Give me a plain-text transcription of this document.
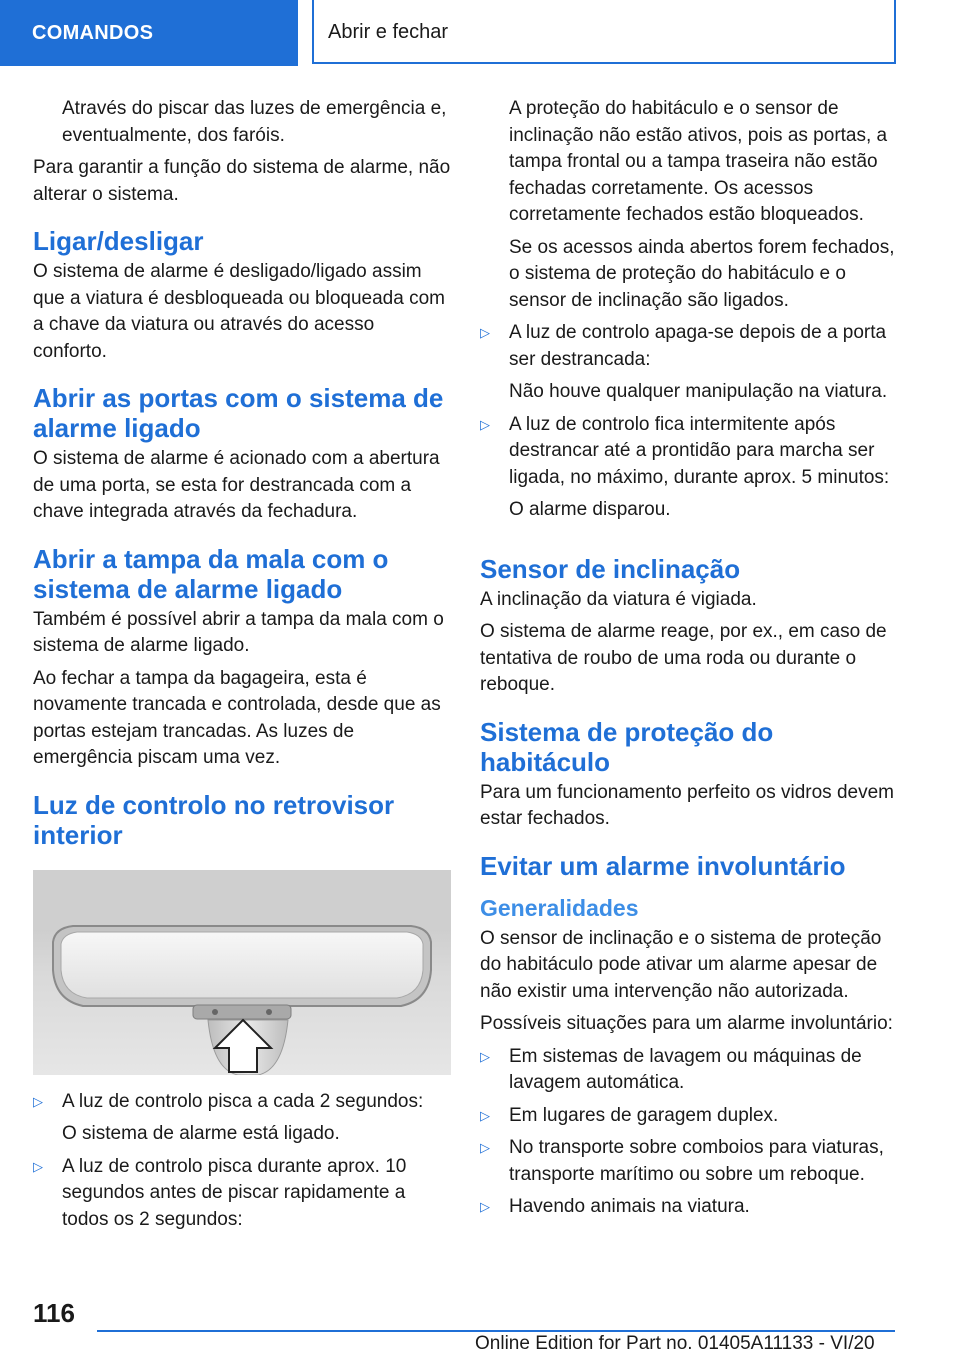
COMANDOS	Abrir e fechar

Através do piscar das luzes de emergência e, eventualmente, dos faróis.

Para garantir a função do sistema de alarme, não alterar o sistema.

Ligar/desligar

O sistema de alarme é desligado/ligado assim que a viatura é desbloqueada ou bloqueada com a chave da viatura ou através do acesso conforto.

Abrir as portas com o sistema de alarme ligado

O sistema de alarme é acionado com a abertura de uma porta, se esta for destrancada com a chave integrada através da fechadura.

Abrir a tampa da mala com o sistema de alarme ligado

Também é possível abrir a tampa da mala com o sistema de alarme ligado.

Ao fechar a tampa da bagageira, esta é novamente trancada e controlada, desde que as portas estejam trancadas. As luzes de emergência piscam uma vez.

Luz de controlo no retrovisor interior
▷ A luz de controlo pisca a cada 2 segundos:

O sistema de alarme está ligado.

▷ A luz de controlo pisca durante aprox. 10 segundos antes de piscar rapidamente a todos os 2 segundos:

A proteção do habitáculo e o sensor de inclinação não estão ativos, pois as portas, a tampa frontal ou a tampa traseira não estão fechadas corretamente. Os acessos corretamente fechados estão bloqueados.

Se os acessos ainda abertos forem fechados, o sistema de proteção do habitáculo e o sensor de inclinação são ligados.

▷ A luz de controlo apaga-se depois de a porta ser destrancada:

Não houve qualquer manipulação na viatura.

▷ A luz de controlo fica intermitente após destrancar até a prontidão para marcha ser ligada, no máximo, durante aprox. 5 minutos:

O alarme disparou.

Sensor de inclinação

A inclinação da viatura é vigiada.

O sistema de alarme reage, por ex., em caso de tentativa de roubo de uma roda ou durante o reboque.

Sistema de proteção do habitáculo

Para um funcionamento perfeito os vidros devem estar fechados.

Evitar um alarme involuntário
Generalidades

O sensor de inclinação e o sistema de proteção do habitáculo pode ativar um alarme apesar de não existir uma intervenção não autorizada.

Possíveis situações para um alarme involuntário:

▷ Em sistemas de lavagem ou máquinas de lavagem automática.
▷ Em lugares de garagem duplex.
▷ No transporte sobre comboios para viaturas, transporte marítimo ou sobre um reboque.
▷ Havendo animais na viatura.
116
Online Edition for Part no. 01405A11133 - VI/20
